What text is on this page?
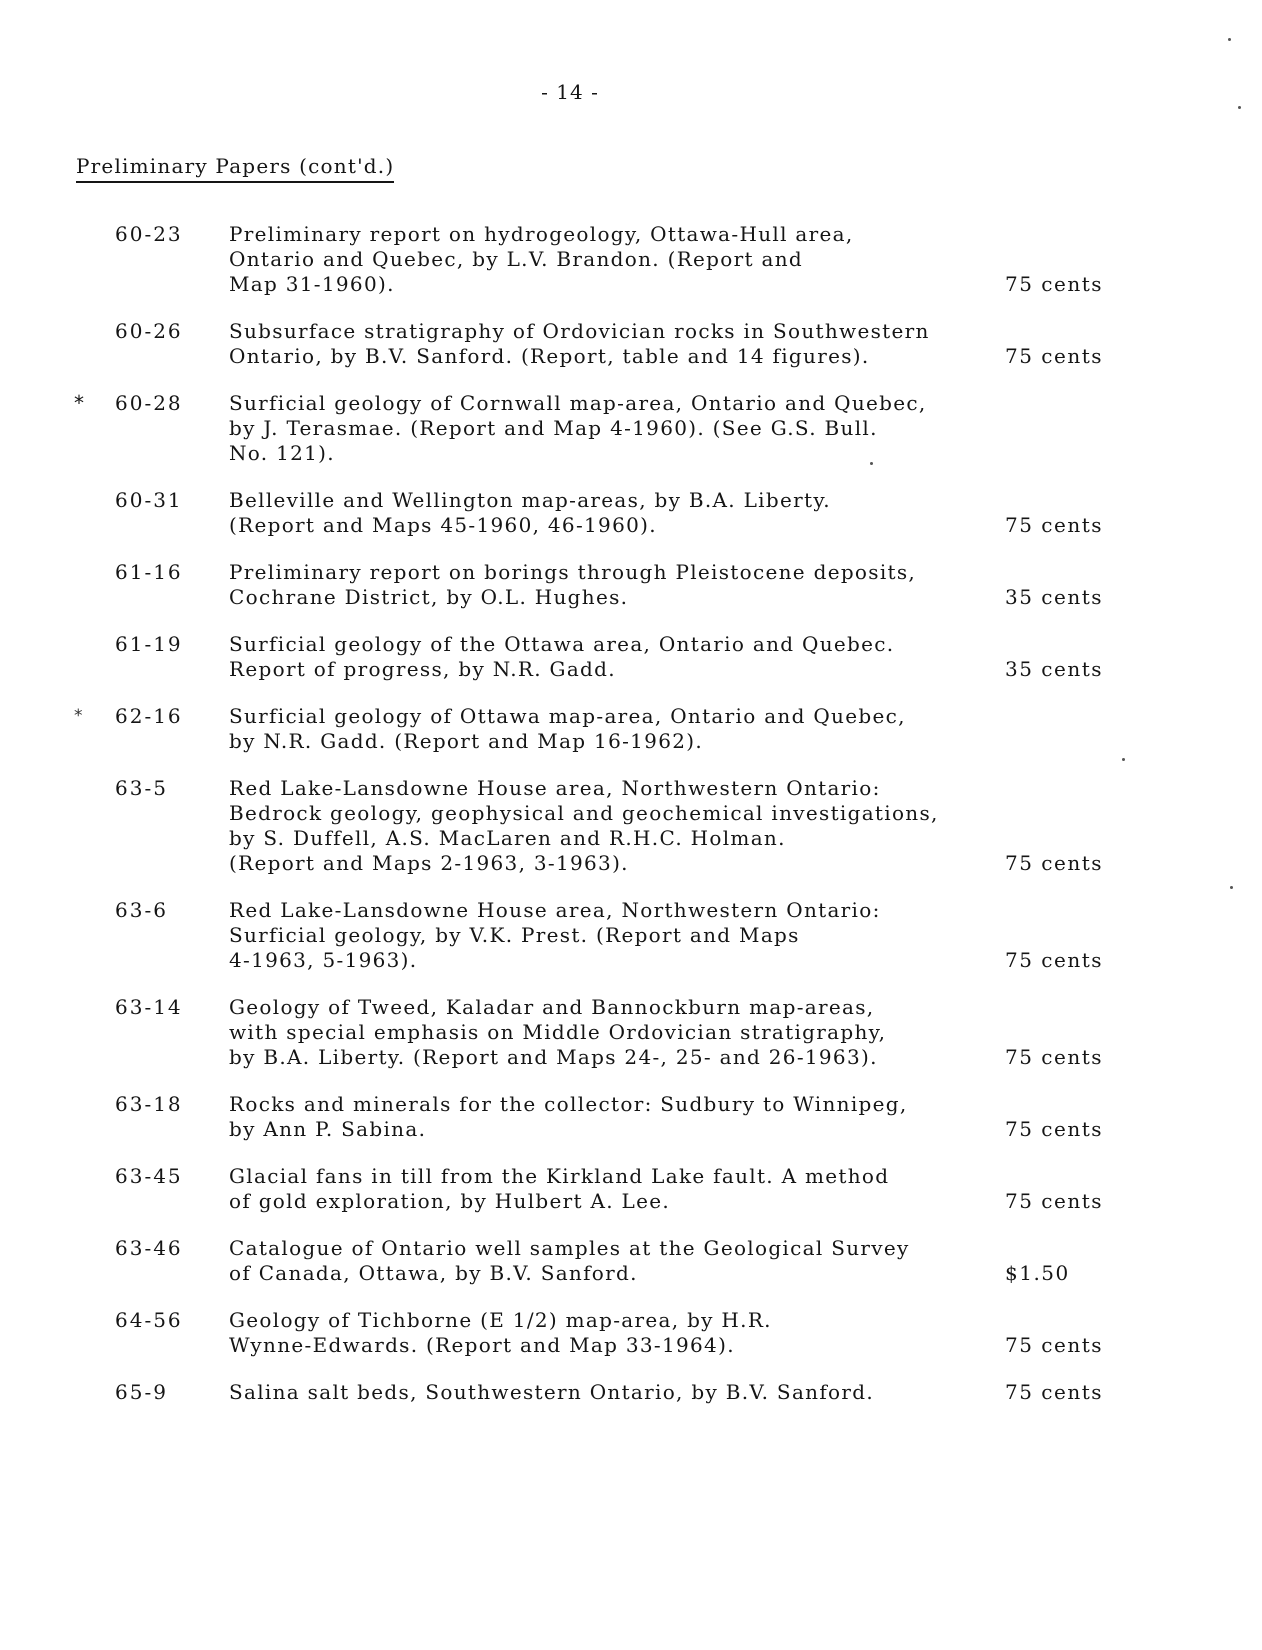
- 14 -
Preliminary Papers (cont'd.)
60-23 Preliminary report on hydrogeology, Ottawa-Hull area,
Ontario and Quebec, by L.V. Brandon. (Report and
Map 31-1960).	75 cents
60-26 Subsurface stratigraphy of Ordovician rocks in Southwestern
Ontario, by B.V. Sanford. (Report, table and 14 figures).	75 cents
* 60-28 Surficial geology of Cornwall map-area, Ontario and Quebec,
by J. Terasmae. (Report and Map 4-1960). (See G.S. Bull.
No. 121).
60-31 Belleville and Wellington map-areas, by B.A. Liberty.
(Report and Maps 45-1960, 46-1960).	75 cents
61-16 Preliminary report on borings through Pleistocene deposits,
Cochrane District, by O.L. Hughes.	35 cents
61-19 Surficial geology of the Ottawa area, Ontario and Quebec.
Report of progress, by N.R. Gadd.	35 cents
* 62-16 Surficial geology of Ottawa map-area, Ontario and Quebec,
by N.R. Gadd. (Report and Map 16-1962).
63-5	Red Lake-Lansdowne House area, Northwestern Ontario:
Bedrock geology, geophysical and geochemical investigations,
by S. Duffell, A.S. MacLaren and R.H.C. Holman.
(Report and Maps 2-1963, 3-1963).	75 cents
63-6	Red Lake-Lansdowne House area, Northwestern Ontario:
Surficial geology, by V.K. Prest. (Report and Maps
4-1963, 5-1963).	75 cents
63-14 Geology of Tweed, Kaladar and Bannockburn map-areas,
with special emphasis on Middle Ordovician stratigraphy,
by B.A. Liberty. (Report and Maps 24-, 25- and 26-1963).	75 cents
63-18 Rocks and minerals for the collector: Sudbury to Winnipeg,
by Ann P. Sabina.	75 cents
63-45 Glacial fans in till from the Kirkland Lake fault. A method
of gold exploration, by Hulbert A. Lee.	75 cents
63-46 Catalogue of Ontario well samples at the Geological Survey
of Canada, Ottawa, by B.V. Sanford.	$1.50
64-56 Geology of Tichborne (E 1/2) map-area, by H.R.
Wynne-Edwards. (Report and Map 33-1964).	75 cents
65-9	Salina salt beds, Southwestern Ontario, by B.V. Sanford.	75 cents
